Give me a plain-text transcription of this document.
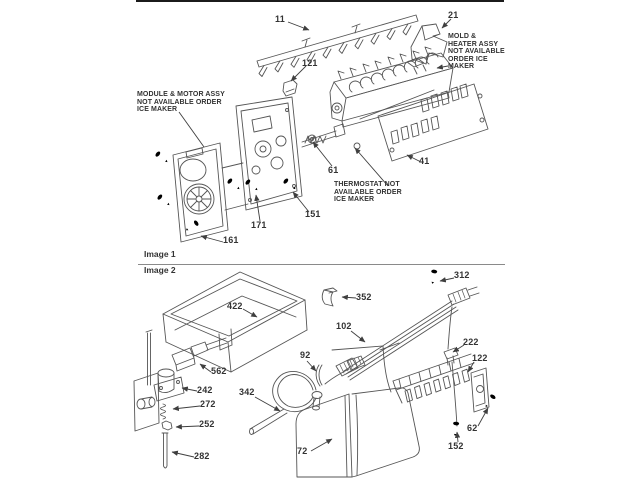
11	21
121
41
61
151
171
161
MODULE & MOTOR ASSY
NOT AVAILABLE ORDER
ICE MAKER
MOLD &
HEATER ASSY
NOT AVAILABLE
ORDER ICE
MAKER
THERMOSTAT NOT
AVAILABLE ORDER
ICE MAKER
Image 1
Image 2	312
352
102
422
562
242
272
252
282
342
92
72
222
122
62
152
